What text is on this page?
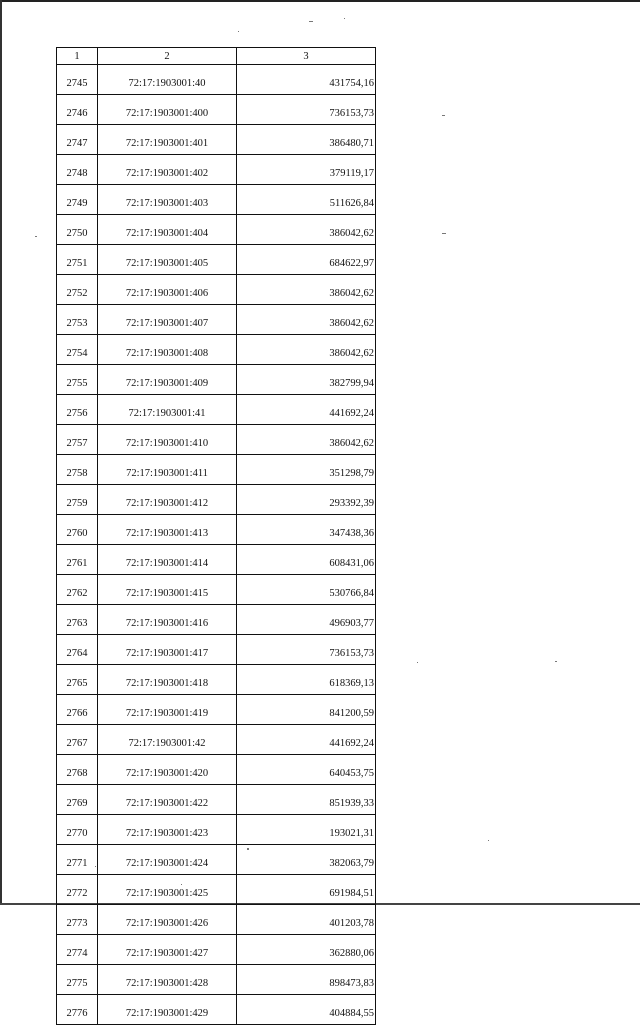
1	2	3
2745	72:17:1903001:40	431754,16
2746	72:17:1903001:400	736153,73
2747	72:17:1903001:401	386480,71
2748	72:17:1903001:402	379119,17
2749	72:17:1903001:403	511626,84
2750	72:17:1903001:404	386042,62
2751	72:17:1903001:405	684622,97
2752	72:17:1903001:406	386042,62
2753	72:17:1903001:407	386042,62
2754	72:17:1903001:408	386042,62
2755	72:17:1903001:409	382799,94
2756	72:17:1903001:41	441692,24
2757	72:17:1903001:410	386042,62
2758	72:17:1903001:411	351298,79
2759	72:17:1903001:412	293392,39
2760	72:17:1903001:413	347438,36
2761	72:17:1903001:414	608431,06
2762	72:17:1903001:415	530766,84
2763	72:17:1903001:416	496903,77
2764	72:17:1903001:417	736153,73
2765	72:17:1903001:418	618369,13
2766	72:17:1903001:419	841200,59
2767	72:17:1903001:42	441692,24
2768	72:17:1903001:420	640453,75
2769	72:17:1903001:422	851939,33
2770	72:17:1903001:423	193021,31
2771	72:17:1903001:424	382063,79
2772	72:17:1903001:425	691984,51
2773	72:17:1903001:426	401203,78
2774	72:17:1903001:427	362880,06
2775	72:17:1903001:428	898473,83
2776	72:17:1903001:429	404884,55
